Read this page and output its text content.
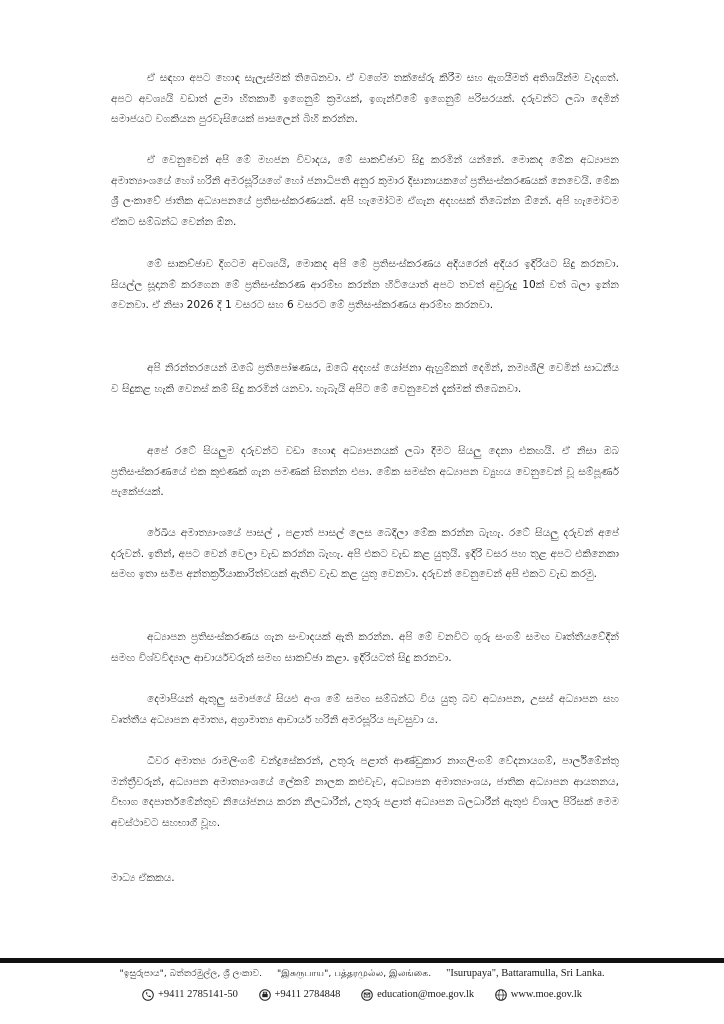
ඒ සඳහා අපට හොඳ සැලැස්මක් තිබෙනවා. ඒ වගේම තක්සේරු කිරීම සහ ඇගයීමත් අතිශයින්ම වැදගත්. අපට අවශ්‍යයි වඩාත් ළමා හිතකාමී ඉගෙනුම් ක්‍රමයක්, ඉගැන්වීමේ ඉගෙනුම් පරිසරයක්. දරුවන්ට ලබා දෙමින් සමාජයට වගකියන පුරවැසියෙක් පාසලෙන් බිහි කරන්න.

ඒ වෙනුවෙන් අපි මේ මහජන විවාදය, මේ සාකච්ඡාව සිදු කරමින් යන්නේ. මොකද මේක අධ්‍යාපන අමාත්‍යාංශයේ හෝ හරිනි අමරසූරියගේ හෝ ජනාධිපති අනුර කුමාර දිසානායකගේ ප්‍රතිසංස්කරණයක් නෙවෙයි. මේක ශ්‍රී ලංකාවේ ජාතික අධ්‍යාපනයේ ප්‍රතිසංස්කරණයක්. අපි හැමෝටම ඒගැන අදහසක් තිබෙන්න ඕනේ. අපි හැමෝටම ඒකට සම්බන්ධ වෙන්න ඕන.

මේ සාකච්ඡාව දිගටම අවශ්‍යයි, මොකද අපි මේ ප්‍රතිසංස්කරණය අදියරෙන් අදියර ඉදිරියට සිදු කරනවා. සියල්ල සූදානම් කරගෙන මේ ප්‍රතිසංස්කරණ ආරම්භ කරන්න හිටියොත් අපට තවත් අවුරුදු 10ක් වත් බලා ඉන්න වෙනවා. ඒ නිසා 2026 දී 1 වසරට සහ 6 වසරට මේ ප්‍රතිසංස්කරණය ආරම්භ කරනවා.

අපි නිරන්තරයෙන් ඔබේ ප්‍රතිපෝෂණය, ඔබේ අදහස් යෝජනා ඇහුම්කන් දෙමින්, නම්‍යශීලි වෙමින් සාධනීය ව සිදුකළ හැකි වෙනස් කම් සිදු කරමින් යනවා. හැබැයි අපිට මේ වෙනුවෙන් දැක්මක් තිබෙනවා.

අපේ රටේ සියලුම දරුවන්ට වඩා හොඳ අධ්‍යාපනයක් ලබා දීමට සියලු දෙනා එකඟයි. ඒ නිසා ඔබ ප්‍රතිසංස්කරණයේ එක කුළුණක් ගැන පමණක් සිතන්න එපා. මේක සමස්ත අධ්‍යාපන ව්‍යුහය වෙනුවෙන් වූ සම්පූර්ණ පැකේජයක්.

රේඛීය අමාත්‍යාංශයේ පාසල් , පළාත් පාසල් ලෙස බෙදිලා මේක කරන්න බැහැ. රටේ සියලු දරුවන් අපේ දරුවන්. ඉතින්, අපට වෙන් වෙලා වැඩ කරන්න බැහැ. අපි එකට වැඩ කළ යුතුයි. ඉදිරි වසර පහ තුළ අපට එකිනෙකා සමඟ ඉතා සමීප අන්තර්ක්‍රියාකාරිත්වයක් ඇතිව වැඩ කළ යුතු වෙනවා. දරුවන් වෙනුවෙන් අපි එකට වැඩ කරමු.

අධ්‍යාපන ප්‍රතිසංස්කරණය ගැන සංවාදයක් ඇති කරන්න. අපි මේ වනවිට ගුරු සංගම් සමඟ වෘත්තීයවේදීන් සමඟ විශ්වවිද්‍යාල ආචාර්යවරුන් සමඟ සාකච්ඡා කළා. ඉදිරියටත් සිදු කරනවා.

දෙමාපියන් ඇතුලු සමාජයේ සියළු අංශ මේ සමඟ සම්බන්ධ විය යුතු බව අධ්‍යාපන, උසස් අධ්‍යාපන සහ වෘත්තීය අධ්‍යාපන අමාත්‍ය, අග්‍රාමාත්‍ය ආචාර්ය හරිනි අමරසූරිය පැවසුවා ය.

ධීවර අමාත්‍ය රාමලිංගම් චන්ද්‍රසේකරන්, උතුරු පළාත් ආණ්ඩුකාර නාගලිංගම් වේදනායගම්, පාර්ලිමේන්තු මන්ත්‍රීවරුන්, අධ්‍යාපන අමාත්‍යාංශයේ ලේකම් නාලක කළුවැව, අධ්‍යාපන අමාත්‍යාංශය, ජාතික අධ්‍යාපන ආයතනය, විභාග දෙපාර්තමේන්තුව නියෝජනය කරන නිලධාරීන්, උතුරු පළාත් අධ්‍යාපන බලධාරීන් ඇතුළු විශාල පිරිසක් මෙම අවස්ථාවට සහභාගී වූහ.

මාධ්‍ය ඒකකය.

"ඉසුරුපාය", බත්තරමුල්ල, ශ්‍රී ලංකාව. "இசுருபாய", பத்தரமுல்ல, இலங்கை. "Isurupaya", Battaramulla, Sri Lanka.
+9411 2785141-50
	+9411 2784848
	education@moe.gov.lk
	www.moe.gov.lk
